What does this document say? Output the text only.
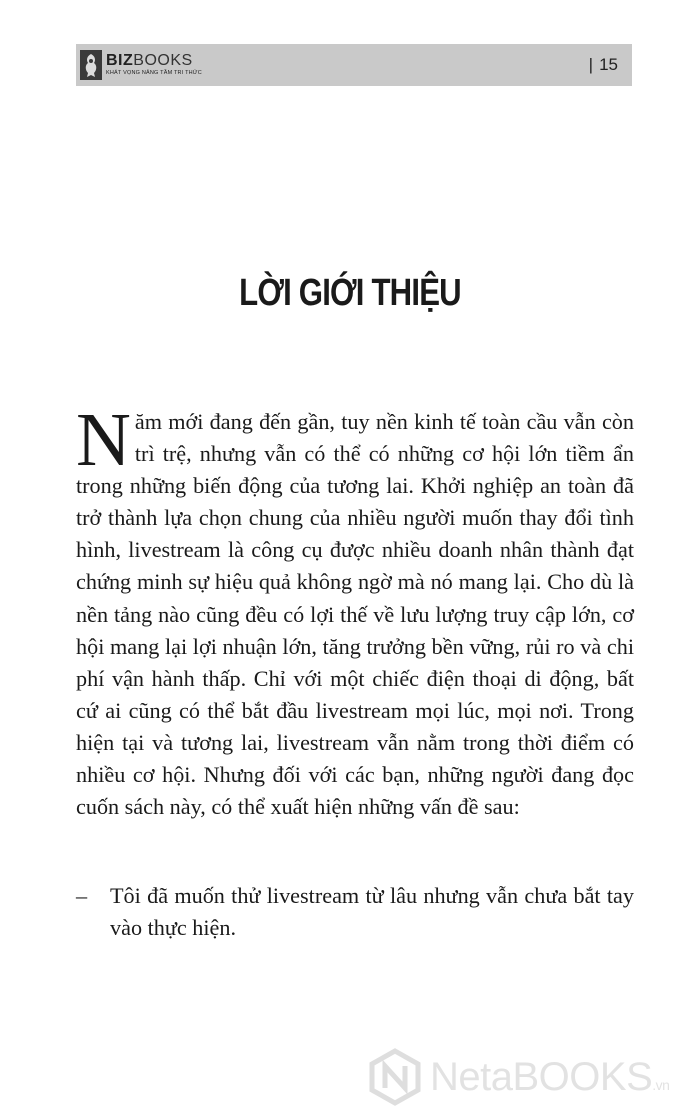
BIZBOOKS
KHÁT VỌNG NÂNG TẦM TRI THỨC	| 15
LỜI GIỚI THIỆU
Năm mới đang đến gần, tuy nền kinh tế toàn cầu vẫn còn trì trệ, nhưng vẫn có thể có những cơ hội lớn tiềm ẩn trong những biến động của tương lai. Khởi nghiệp an toàn đã trở thành lựa chọn chung của nhiều người muốn thay đổi tình hình, livestream là công cụ được nhiều doanh nhân thành đạt chứng minh sự hiệu quả không ngờ mà nó mang lại. Cho dù là nền tảng nào cũng đều có lợi thế về lưu lượng truy cập lớn, cơ hội mang lại lợi nhuận lớn, tăng trưởng bền vững, rủi ro và chi phí vận hành thấp. Chỉ với một chiếc điện thoại di động, bất cứ ai cũng có thể bắt đầu livestream mọi lúc, mọi nơi. Trong hiện tại và tương lai, livestream vẫn nằm trong thời điểm có nhiều cơ hội. Nhưng đối với các bạn, những người đang đọc cuốn sách này, có thể xuất hiện những vấn đề sau:
– Tôi đã muốn thử livestream từ lâu nhưng vẫn chưa bắt tay vào thực hiện.
NetaBOOKS.vn
